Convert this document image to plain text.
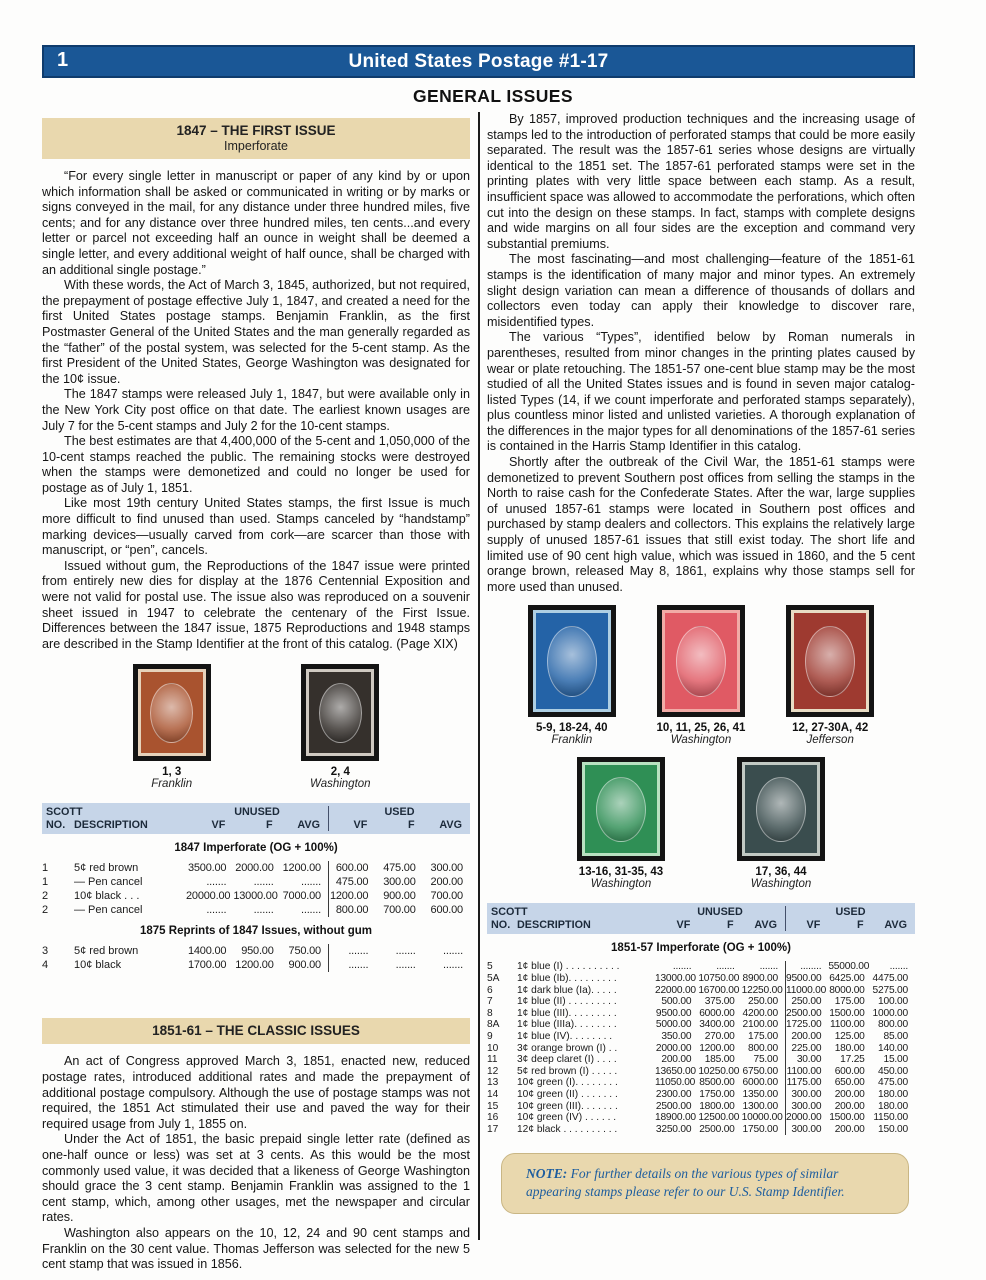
1	United States Postage #1-17
GENERAL ISSUES
1847 – THE FIRST ISSUE
Imperforate

“For every single letter in manuscript or paper of any kind by or upon which information shall be asked or communicated in writing or by marks or signs conveyed in the mail, for any distance under three hundred miles, five cents; and for any distance over three hundred miles, ten cents...and every letter or parcel not exceeding half an ounce in weight shall be deemed a single letter, and every additional weight of half ounce, shall be charged with an additional single postage.”

With these words, the Act of March 3, 1845, authorized, but not required, the prepayment of postage effective July 1, 1847, and created a need for the first United States postage stamps. Benjamin Franklin, as the first Postmaster General of the United States and the man generally regarded as the “father” of the postal system, was selected for the 5-cent stamp. As the first President of the United States, George Washington was designated for the 10¢ issue.

The 1847 stamps were released July 1, 1847, but were available only in the New York City post office on that date. The earliest known usages are July 7 for the 5-cent stamps and July 2 for the 10-cent stamps.

The best estimates are that 4,400,000 of the 5-cent and 1,050,000 of the 10-cent stamps reached the public. The remaining stocks were destroyed when the stamps were demonetized and could no longer be used for postage as of July 1, 1851.

Like most 19th century United States stamps, the first Issue is much more difficult to find unused than used. Stamps canceled by “handstamp” marking devices—usually carved from cork—are scarcer than those with manuscript, or “pen”, cancels.

Issued without gum, the Reproductions of the 1847 issue were printed from entirely new dies for display at the 1876 Centennial Exposition and were not valid for postal use. The issue also was reproduced on a souvenir sheet issued in 1947 to celebrate the centenary of the First Issue. Differences between the 1847 issue, 1875 Reproductions and 1948 stamps are described in the Stamp Identifier at the front of this catalog. (Page XIX)

1, 3
Franklin
2, 4
Washington
SCOTT	UNUSED	USED
NO. DESCRIPTION	VF	F	AVG	VF	F	AVG
1847 Imperforate (OG + 100%)
1	5¢ red brown	3500.00 2000.00 1200.00	600.00	475.00	300.00
1	— Pen cancel	.......	.......	.......	475.00	300.00	200.00
2	10¢ black . . .	20000.00 13000.00 7000.00 1200.00	900.00	700.00
2	— Pen cancel	.......	.......	.......	800.00	700.00	600.00
1875 Reprints of 1847 Issues, without gum
3	5¢ red brown	1400.00	950.00	750.00	.......	.......	.......
4	10¢ black	1700.00 1200.00	900.00	.......	.......	.......
1851-61 – THE CLASSIC ISSUES

An act of Congress approved March 3, 1851, enacted new, reduced postage rates, introduced additional rates and made the prepayment of additional postage compulsory. Although the use of postage stamps was not required, the 1851 Act stimulated their use and paved the way for their required usage from July 1, 1855 on.

Under the Act of 1851, the basic prepaid single letter rate (defined as one-half ounce or less) was set at 3 cents. As this would be the most commonly used value, it was decided that a likeness of George Washington should grace the 3 cent stamp. Benjamin Franklin was assigned to the 1 cent stamp, which, among other usages, met the newspaper and circular rates.

Washington also appears on the 10, 12, 24 and 90 cent stamps and Franklin on the 30 cent value. Thomas Jefferson was selected for the new 5 cent stamp that was issued in 1856.

By 1857, improved production techniques and the increasing usage of stamps led to the introduction of perforated stamps that could be more easily separated. The result was the 1857-61 series whose designs are virtually identical to the 1851 set. The 1857-61 perforated stamps were set in the printing plates with very little space between each stamp. As a result, insufficient space was allowed to accommodate the perforations, which often cut into the design on these stamps. In fact, stamps with complete designs and wide margins on all four sides are the exception and command very substantial premiums.

The most fascinating—and most challenging—feature of the 1851-61 stamps is the identification of many major and minor types. An extremely slight design variation can mean a difference of thousands of dollars and collectors even today can apply their knowledge to discover rare, misidentified types.

The various “Types”, identified below by Roman numerals in parentheses, resulted from minor changes in the printing plates caused by wear or plate retouching. The 1851-57 one-cent blue stamp may be the most studied of all the United States issues and is found in seven major catalog-listed Types (14, if we count imperforate and perforated stamps separately), plus countless minor listed and unlisted varieties. A thorough explanation of the differences in the major types for all denominations of the 1857-61 series is contained in the Harris Stamp Identifier in this catalog.

Shortly after the outbreak of the Civil War, the 1851-61 stamps were demonetized to prevent Southern post offices from selling the stamps in the North to raise cash for the Confederate States. After the war, large supplies of unused 1857-61 stamps were located in Southern post offices and purchased by stamp dealers and collectors. This explains the relatively large supply of unused 1857-61 issues that still exist today. The short life and limited use of 90 cent high value, which was issued in 1860, and the 5 cent orange brown, released May 8, 1861, explains why those stamps sell for more used than unused.

5-9, 18-24, 40
Franklin
10, 11, 25, 26, 41
Washington
12, 27-30A, 42
Jefferson
13-16, 31-35, 43
Washington
17, 36, 44
Washington
SCOTT	UNUSED	USED
NO. DESCRIPTION	VF	F	AVG	VF	F	AVG
1851-57 Imperforate (OG + 100%)
5	1¢ blue (I) . . . . . . . . . .	.......	.......	.......	........ 55000.00	.......
5A	1¢ blue (Ib). . . . . . . . .	13000.00 10750.00 8900.00 9500.00 6425.00 4475.00
6	1¢ dark blue (Ia). . . . .	22000.00 16700.00 12250.00 11000.00 8000.00 5275.00
7	1¢ blue (II) . . . . . . . . .	500.00	375.00	250.00	250.00	175.00	100.00
8	1¢ blue (III). . . . . . . . .	9500.00 6000.00 4200.00 2500.00 1500.00 1000.00
8A	1¢ blue (IIIa). . . . . . . .	5000.00 3400.00 2100.00 1725.00 1100.00	800.00
9	1¢ blue (IV). . . . . . . .	350.00	270.00	175.00	200.00	125.00	85.00
10	3¢ orange brown (I) . .	2000.00 1200.00	800.00	225.00	180.00	140.00
11	3¢ deep claret (I) . . . .	200.00	185.00	75.00	30.00	17.25	15.00
12	5¢ red brown (I) . . . . .	13650.00 10250.00 6750.00 1100.00	600.00	450.00
13	10¢ green (I). . . . . . . .	11050.00 8500.00 6000.00 1175.00	650.00	475.00
14	10¢ green (II) . . . . . . .	2300.00 1750.00 1350.00	300.00	200.00	180.00
15	10¢ green (III). . . . . . .	2500.00 1800.00 1300.00	300.00	200.00	180.00
16	10¢ green (IV) . . . . . .	18900.00 12500.00 10000.00 2000.00 1500.00 1150.00
17	12¢ black . . . . . . . . . .	3250.00 2500.00 1750.00	300.00	200.00	150.00
NOTE: For further details on the various types of similar appearing stamps please refer to our U.S. Stamp Identifier.
